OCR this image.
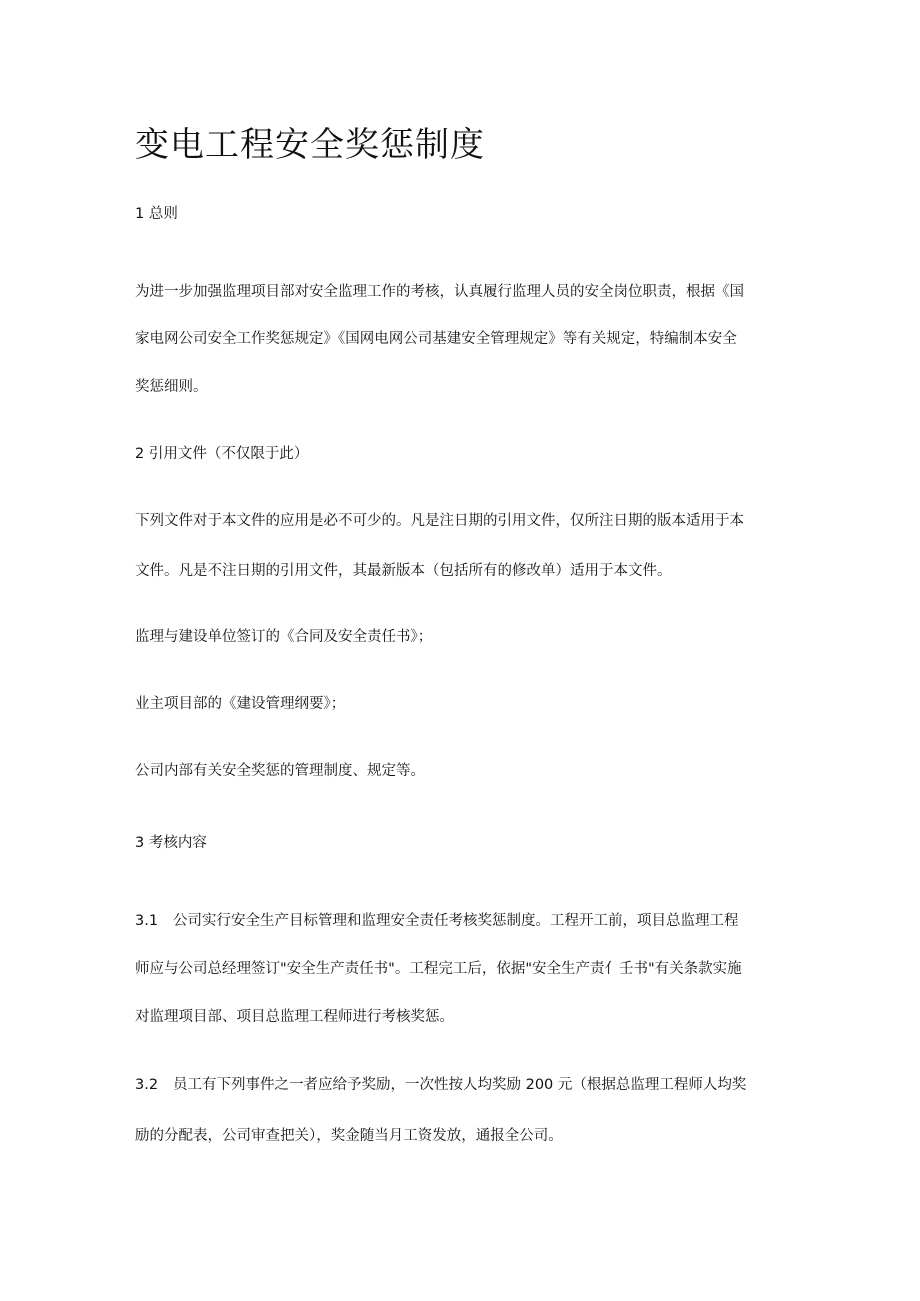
变电工程安全奖惩制度

1 总则

为进一步加强监理项目部对安全监理工作的考核，认真履行监理人员的安全岗位职责，根据《国

家电网公司安全工作奖惩规定》《国网电网公司基建安全管理规定》等有关规定，特编制本安全

奖惩细则。

2 引用文件（不仅限于此）

下列文件对于本文件的应用是必不可少的。凡是注日期的引用文件，仅所注日期的版本适用于本

文件。凡是不注日期的引用文件，其最新版本（包括所有的修改单）适用于本文件。

监理与建设单位签订的《合同及安全责任书》；

业主项目部的《建设管理纲要》；

公司内部有关安全奖惩的管理制度、规定等。

3 考核内容

3.1 公司实行安全生产目标管理和监理安全责任考核奖惩制度。工程开工前，项目总监理工程

师应与公司总经理签订"安全生产责任书"。工程完工后，依据"安全生产责亻壬书"有关条款实施

对监理项目部、项目总监理工程师进行考核奖惩。

3.2 员工有下列事件之一者应给予奖励，一次性按人均奖励 200 元（根据总监理工程师人均奖

励的分配表，公司审查把关），奖金随当月工资发放，通报全公司。
